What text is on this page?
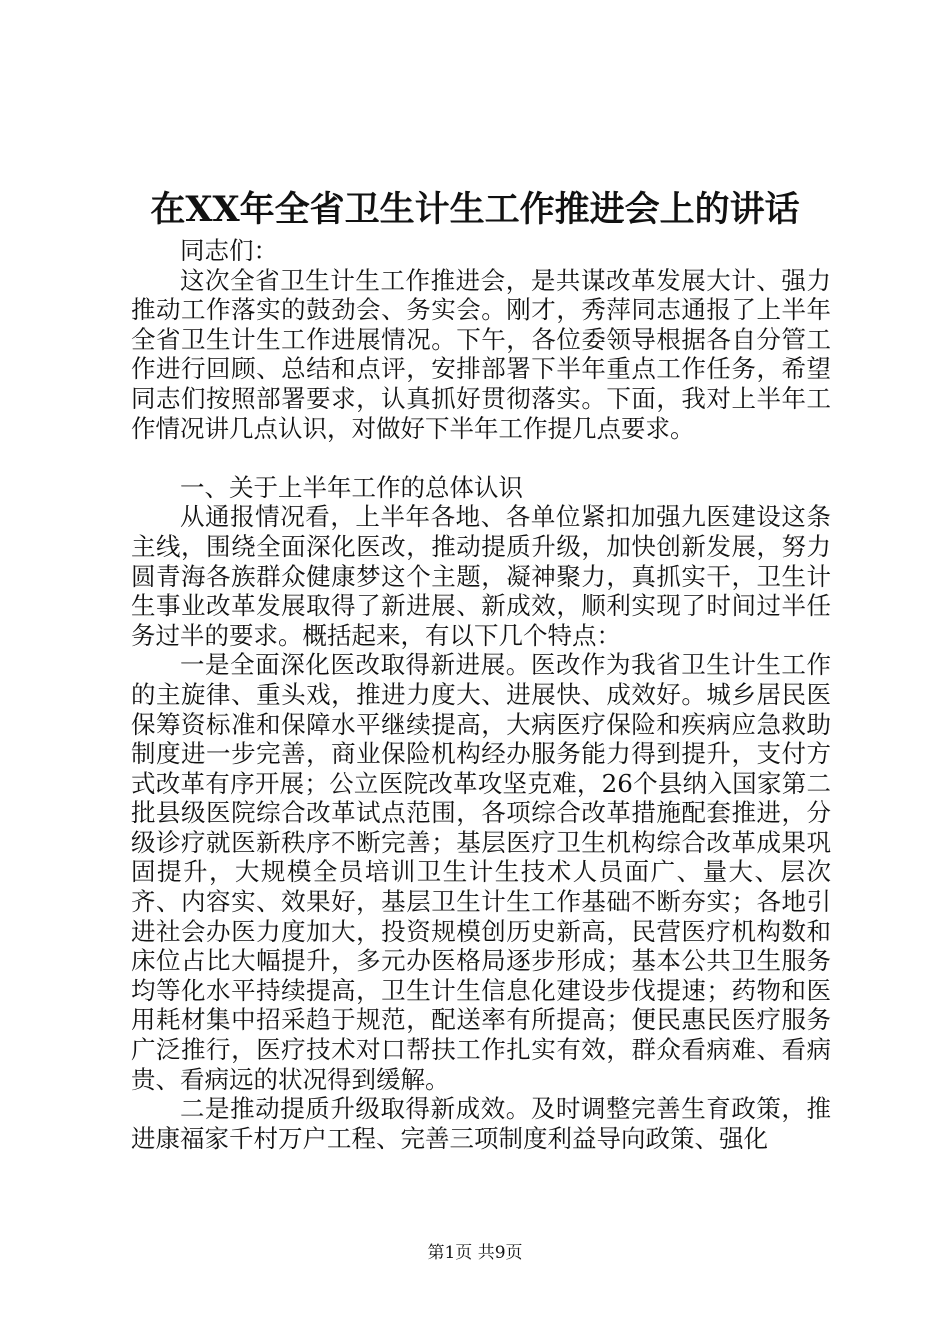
在XX年全省卫生计生工作推进会上的讲话

同志们：

这次全省卫生计生工作推进会，是共谋改革发展大计、强力推动工作落实的鼓劲会、务实会。刚才，秀萍同志通报了上半年全省卫生计生工作进展情况。下午，各位委领导根据各自分管工作进行回顾、总结和点评，安排部署下半年重点工作任务，希望同志们按照部署要求，认真抓好贯彻落实。下面，我对上半年工作情况讲几点认识，对做好下半年工作提几点要求。

一、关于上半年工作的总体认识

从通报情况看，上半年各地、各单位紧扣加强九医建设这条主线，围绕全面深化医改，推动提质升级，加快创新发展，努力圆青海各族群众健康梦这个主题，凝神聚力，真抓实干，卫生计生事业改革发展取得了新进展、新成效，顺利实现了时间过半任务过半的要求。概括起来，有以下几个特点：

一是全面深化医改取得新进展。医改作为我省卫生计生工作的主旋律、重头戏，推进力度大、进展快、成效好。城乡居民医保筹资标准和保障水平继续提高，大病医疗保险和疾病应急救助制度进一步完善，商业保险机构经办服务能力得到提升，支付方式改革有序开展；公立医院改革攻坚克难，26个县纳入国家第二批县级医院综合改革试点范围，各项综合改革措施配套推进，分级诊疗就医新秩序不断完善；基层医疗卫生机构综合改革成果巩固提升，大规模全员培训卫生计生技术人员面广、量大、层次齐、内容实、效果好，基层卫生计生工作基础不断夯实；各地引进社会办医力度加大，投资规模创历史新高，民营医疗机构数和床位占比大幅提升，多元办医格局逐步形成；基本公共卫生服务均等化水平持续提高，卫生计生信息化建设步伐提速；药物和医用耗材集中招采趋于规范，配送率有所提高；便民惠民医疗服务广泛推行，医疗技术对口帮扶工作扎实有效，群众看病难、看病贵、看病远的状况得到缓解。

二是推动提质升级取得新成效。及时调整完善生育政策，推进康福家千村万户工程、完善三项制度利益导向政策、强化

第1页 共9页
